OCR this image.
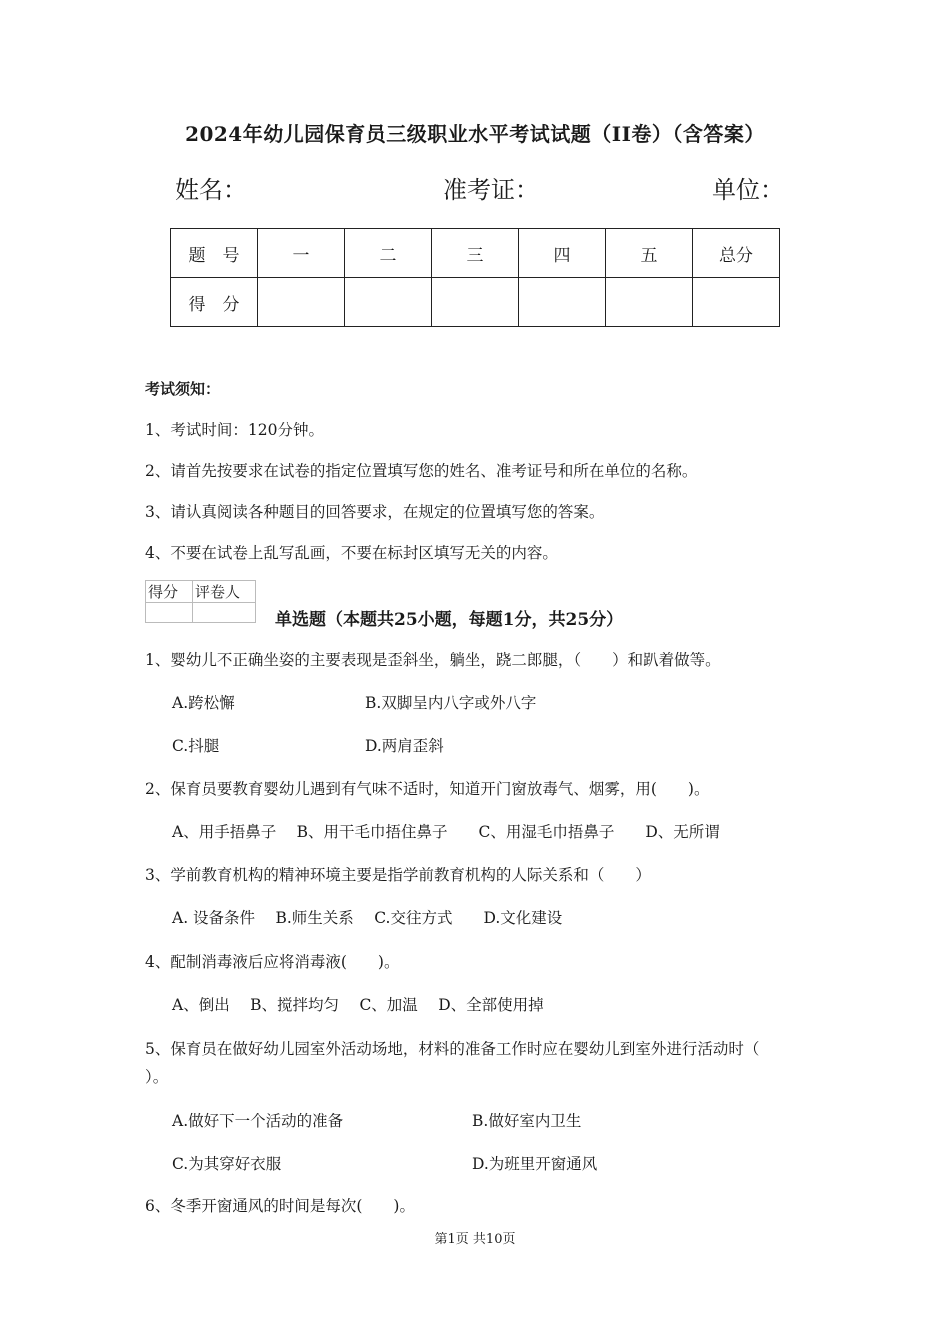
2024年幼儿园保育员三级职业水平考试试题（II卷）（含答案）
姓名：	准考证：	单位：
题　号	一	二	三	四	五	总分
得　分						
考试须知：
1、考试时间：120分钟。
2、请首先按要求在试卷的指定位置填写您的姓名、准考证号和所在单位的名称。
3、请认真阅读各种题目的回答要求，在规定的位置填写您的答案。
4、不要在试卷上乱写乱画，不要在标封区填写无关的内容。
得分	评卷人

单选题（本题共25小题，每题1分，共25分）
1、婴幼儿不正确坐姿的主要表现是歪斜坐，躺坐，跷二郎腿，（　　）和趴着做等。
A.跨松懈	B.双脚呈内八字或外八字
C.抖腿	D.两肩歪斜
2、保育员要教育婴幼儿遇到有气味不适时，知道开门窗放毒气、烟雾，用(　　)。
A、用手捂鼻子　 B、用干毛巾捂住鼻子　　C、用湿毛巾捂鼻子　　D、无所谓
3、学前教育机构的精神环境主要是指学前教育机构的人际关系和（　　）
A. 设备条件　 B.师生关系　 C.交往方式　　D.文化建设
4、配制消毒液后应将消毒液(　　)。
A、倒出　 B、搅拌均匀　 C、加温　 D、全部使用掉
5、保育员在做好幼儿园室外活动场地，材料的准备工作时应在婴幼儿到室外进行活动时（
）。
A.做好下一个活动的准备	B.做好室内卫生
C.为其穿好衣服	D.为班里开窗通风
6、冬季开窗通风的时间是每次(　　)。
第1页 共10页
